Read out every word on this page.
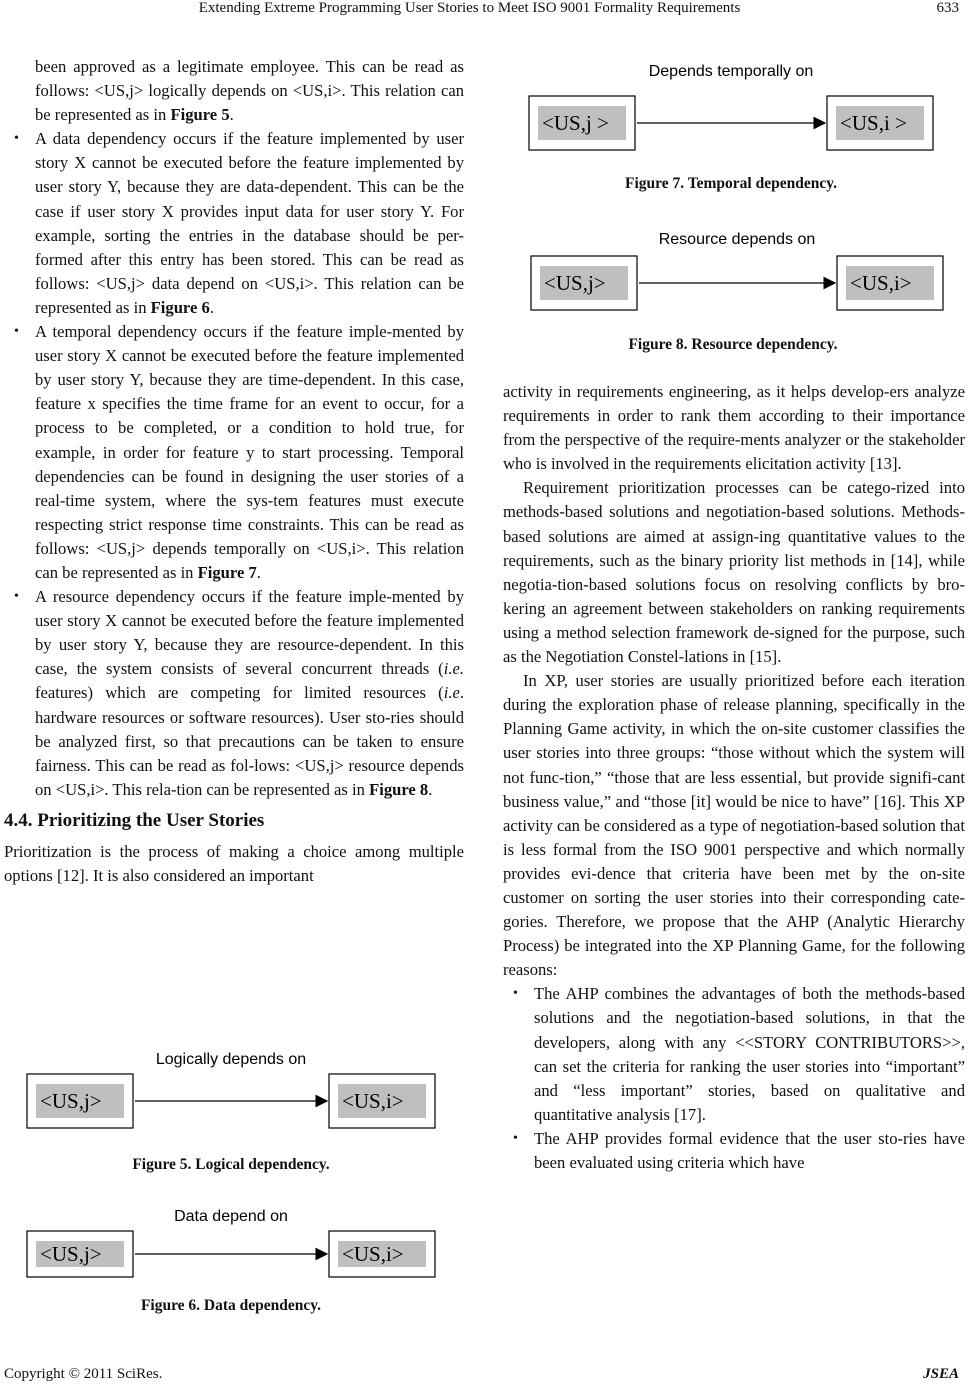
Extending Extreme Programming User Stories to Meet ISO 9001 Formality Requirements	633

been approved as a legitimate employee. This can be read as follows: <US,j> logically depends on <US,i>. This relation can be represented as in Figure 5.

• A data dependency occurs if the feature implemented by user story X cannot be executed before the feature implemented by user story Y, because they are data-dependent. This can be the case if user story X provides input data for user story Y. For example, sorting the entries in the database should be per-formed after this entry has been stored. This can be read as follows: <US,j> data depend on <US,i>. This relation can be represented as in Figure 6.
• A temporal dependency occurs if the feature imple-mented by user story X cannot be executed before the feature implemented by user story Y, because they are time-dependent. In this case, feature x specifies the time frame for an event to occur, for a process to be completed, or a condition to hold true, for example, in order for feature y to start processing. Temporal dependencies can be found in designing the user stories of a real-time system, where the sys-tem features must execute respecting strict response time constraints. This can be read as follows: <US,j> depends temporally on <US,i>. This relation can be represented as in Figure 7.
• A resource dependency occurs if the feature imple-mented by user story X cannot be executed before the feature implemented by user story Y, because they are resource-dependent. In this case, the system consists of several concurrent threads (i.e. features) which are competing for limited resources (i.e. hardware resources or software resources). User sto-ries should be analyzed first, so that precautions can be taken to ensure fairness. This can be read as fol-lows: <US,j> resource depends on <US,i>. This rela-tion can be represented as in Figure 8.
4.4. Prioritizing the User Stories

Prioritization is the process of making a choice among multiple options [12]. It is also considered an important

activity in requirements engineering, as it helps develop-ers analyze requirements in order to rank them according to their importance from the perspective of the require-ments analyzer or the stakeholder who is involved in the requirements elicitation activity [13].

Requirement prioritization processes can be catego-rized into methods-based solutions and negotiation-based solutions. Methods-based solutions are aimed at assign-ing quantitative values to the requirements, such as the binary priority list methods in [14], while negotia-tion-based solutions focus on resolving conflicts by bro-kering an agreement between stakeholders on ranking requirements using a method selection framework de-signed for the purpose, such as the Negotiation Constel-lations in [15].

In XP, user stories are usually prioritized before each iteration during the exploration phase of release planning, specifically in the Planning Game activity, in which the on-site customer classifies the user stories into three groups: “those without which the system will not func-tion,” “those that are less essential, but provide signifi-cant business value,” and “those [it] would be nice to have” [16]. This XP activity can be considered as a type of negotiation-based solution that is less formal from the ISO 9001 perspective and which normally provides evi-dence that criteria have been met by the on-site customer on sorting the user stories into their corresponding cate-gories. Therefore, we propose that the AHP (Analytic Hierarchy Process) be integrated into the XP Planning Game, for the following reasons:

• The AHP combines the advantages of both the methods-based solutions and the negotiation-based solutions, in that the developers, along with any <<STORY CONTRIBUTORS>>, can set the criteria for ranking the user stories into “important” and “less important” stories, based on qualitative and quantitative analysis [17].
• The AHP provides formal evidence that the user sto-ries have been evaluated using criteria which have
Depends temporally on
<US,j >	<US,i >
Figure 7. Temporal dependency.
Resource depends on
<US,j>	<US,i>
Figure 8. Resource dependency.
Logically depends on
<US,j>	<US,i>
Figure 5. Logical dependency.
Data depend on
<US,j>	<US,i>
Figure 6. Data dependency.
Copyright © 2011 SciRes.	JSEA
